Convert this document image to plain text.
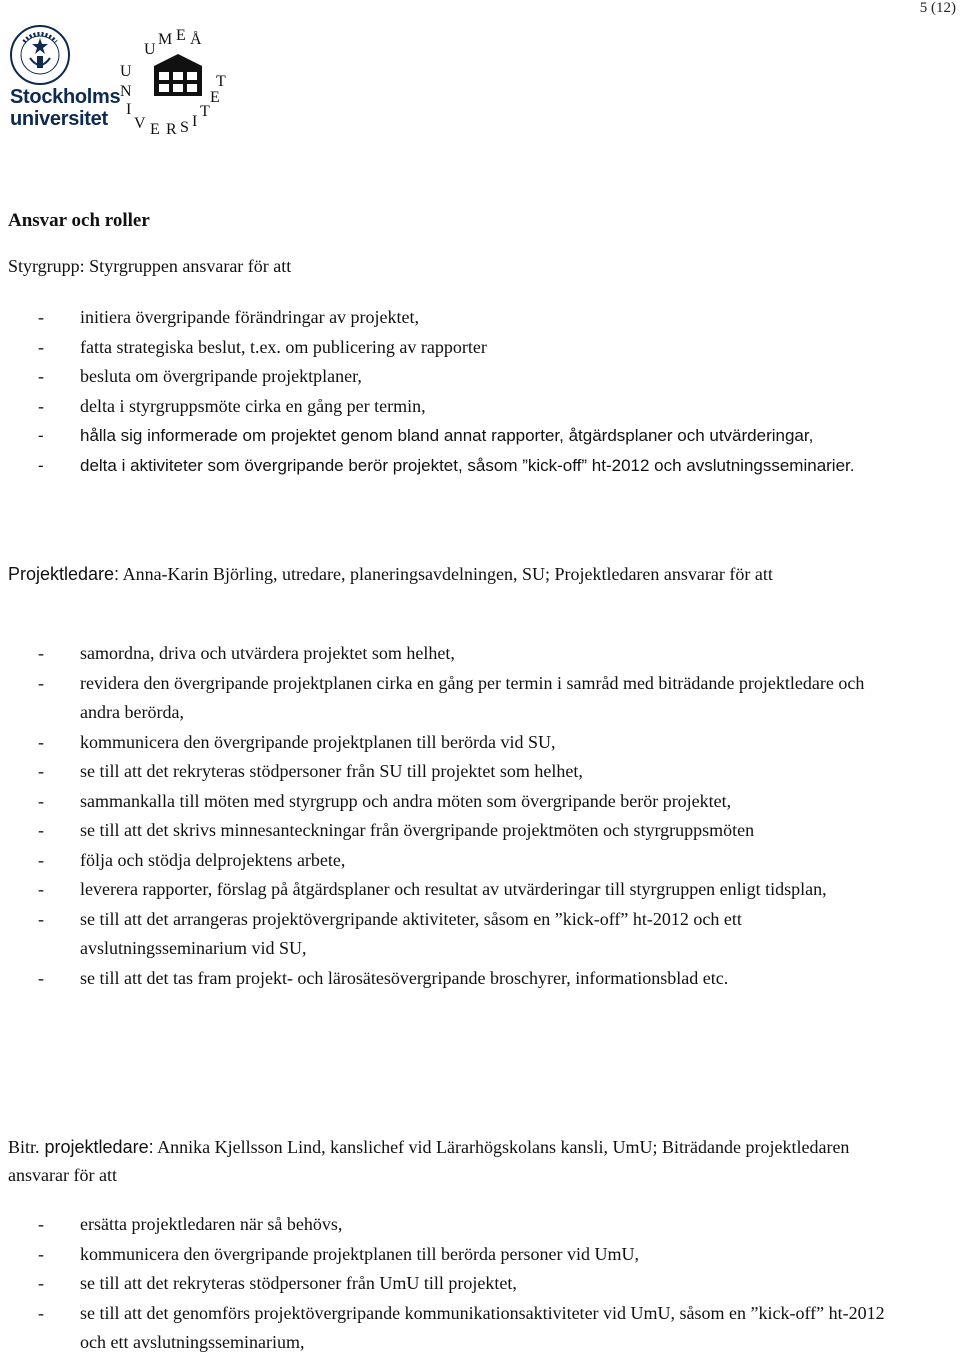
5 (12)
Stockholms
universitet
U
M E Å
U
N
I
V E R S I
T
E
T
Ansvar och roller

Styrgrupp: Styrgruppen ansvarar för att

- initiera övergripande förändringar av projektet,
- fatta strategiska beslut, t.ex. om publicering av rapporter
- besluta om övergripande projektplaner,
- delta i styrgruppsmöte cirka en gång per termin,
- hålla sig informerade om projektet genom bland annat rapporter, åtgärdsplaner och utvärderingar,
- delta i aktiviteter som övergripande berör projektet, såsom ”kick-off” ht-2012 och avslutningsseminarier.

Projektledare: Anna-Karin Björling, utredare, planeringsavdelningen, SU; Projektledaren ansvarar för att

- samordna, driva och utvärdera projektet som helhet,
- revidera den övergripande projektplanen cirka en gång per termin i samråd med biträdande projektledare och andra berörda,
- kommunicera den övergripande projektplanen till berörda vid SU,
- se till att det rekryteras stödpersoner från SU till projektet som helhet,
- sammankalla till möten med styrgrupp och andra möten som övergripande berör projektet,
- se till att det skrivs minnesanteckningar från övergripande projektmöten och styrgruppsmöten
- följa och stödja delprojektens arbete,
- leverera rapporter, förslag på åtgärdsplaner och resultat av utvärderingar till styrgruppen enligt tidsplan,
- se till att det arrangeras projektövergripande aktiviteter, såsom en ”kick-off” ht-2012 och ett avslutningsseminarium vid SU,
- se till att det tas fram projekt- och lärosätesövergripande broschyrer, informationsblad etc.

Bitr. projektledare: Annika Kjellsson Lind, kanslichef vid Lärarhögskolans kansli, UmU; Biträdande projektledaren ansvarar för att

- ersätta projektledaren när så behövs,
- kommunicera den övergripande projektplanen till berörda personer vid UmU,
- se till att det rekryteras stödpersoner från UmU till projektet,
- se till att det genomförs projektövergripande kommunikationsaktiviteter vid UmU, såsom en ”kick-off” ht-2012 och ett avslutningsseminarium,
